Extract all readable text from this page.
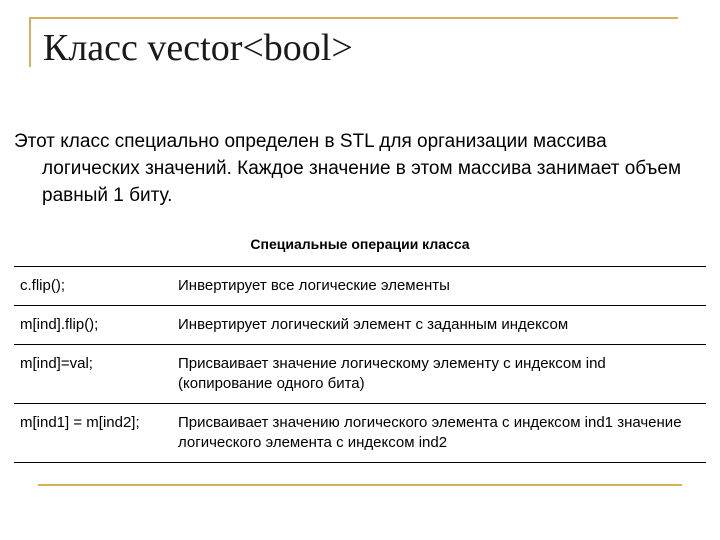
Класс vector<bool>

Этот класс специально определен в STL для организации массива логических значений. Каждое значение в этом массива занимает объем равный 1 биту.

Специальные операции класса
c.flip();	Инвертирует все логические элементы
m[ind].flip();	Инвертирует логический элемент с заданным индексом
m[ind]=val;	Присваивает значение логическому элементу с индексом ind (копирование одного бита)
m[ind1] = m[ind2];	Присваивает значению логического элемента с индексом ind1 значение логического элемента с индексом ind2
